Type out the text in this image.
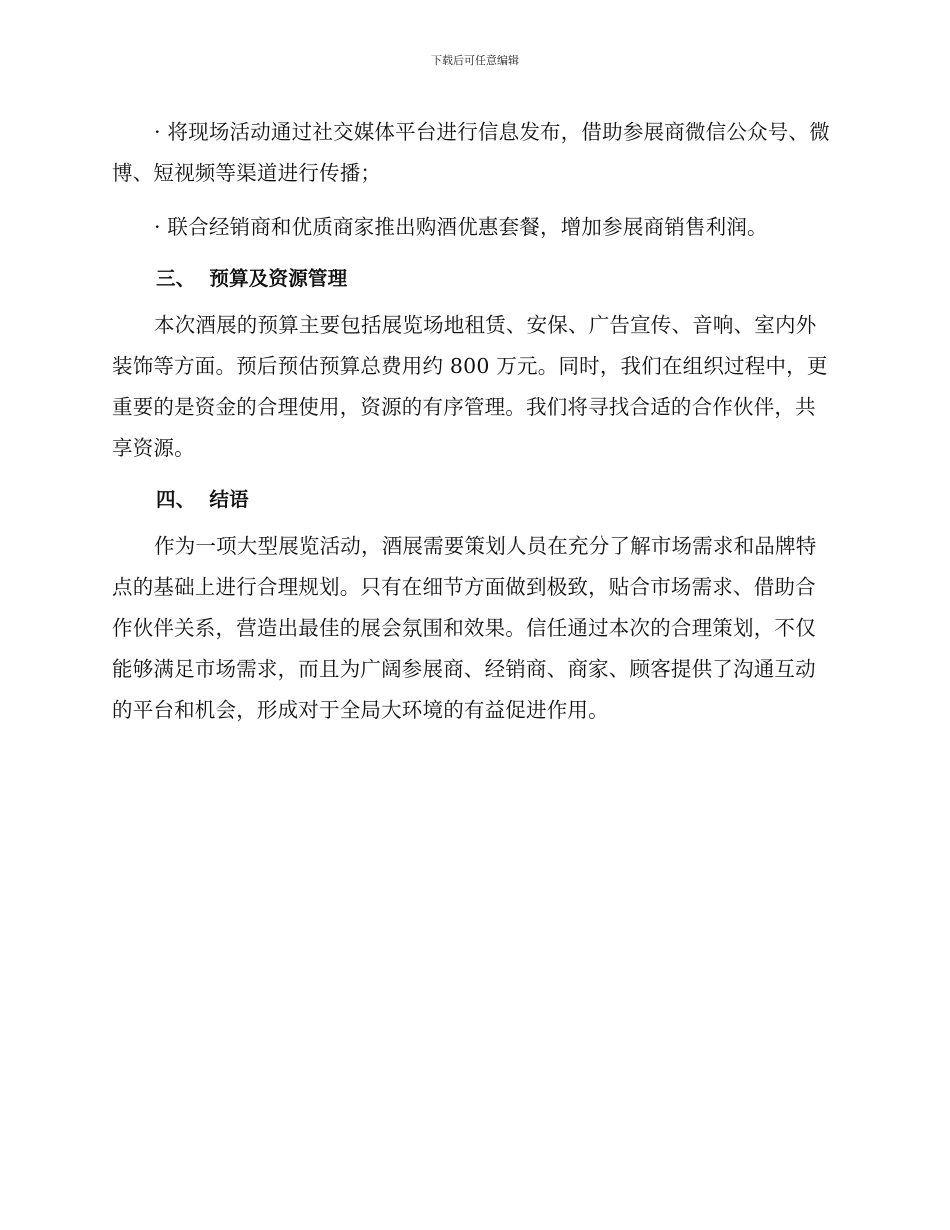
下载后可任意编辑

· 将现场活动通过社交媒体平台进行信息发布，借助参展商微信公众号、微博、短视频等渠道进行传播；

· 联合经销商和优质商家推出购酒优惠套餐，增加参展商销售利润。

三、 预算及资源管理

本次酒展的预算主要包括展览场地租赁、安保、广告宣传、音响、室内外装饰等方面。预后预估预算总费用约 800 万元。同时，我们在组织过程中，更重要的是资金的合理使用，资源的有序管理。我们将寻找合适的合作伙伴，共享资源。

四、 结语

作为一项大型展览活动，酒展需要策划人员在充分了解市场需求和品牌特点的基础上进行合理规划。只有在细节方面做到极致，贴合市场需求、借助合作伙伴关系，营造出最佳的展会氛围和效果。信任通过本次的合理策划，不仅能够满足市场需求，而且为广阔参展商、经销商、商家、顾客提供了沟通互动的平台和机会，形成对于全局大环境的有益促进作用。
